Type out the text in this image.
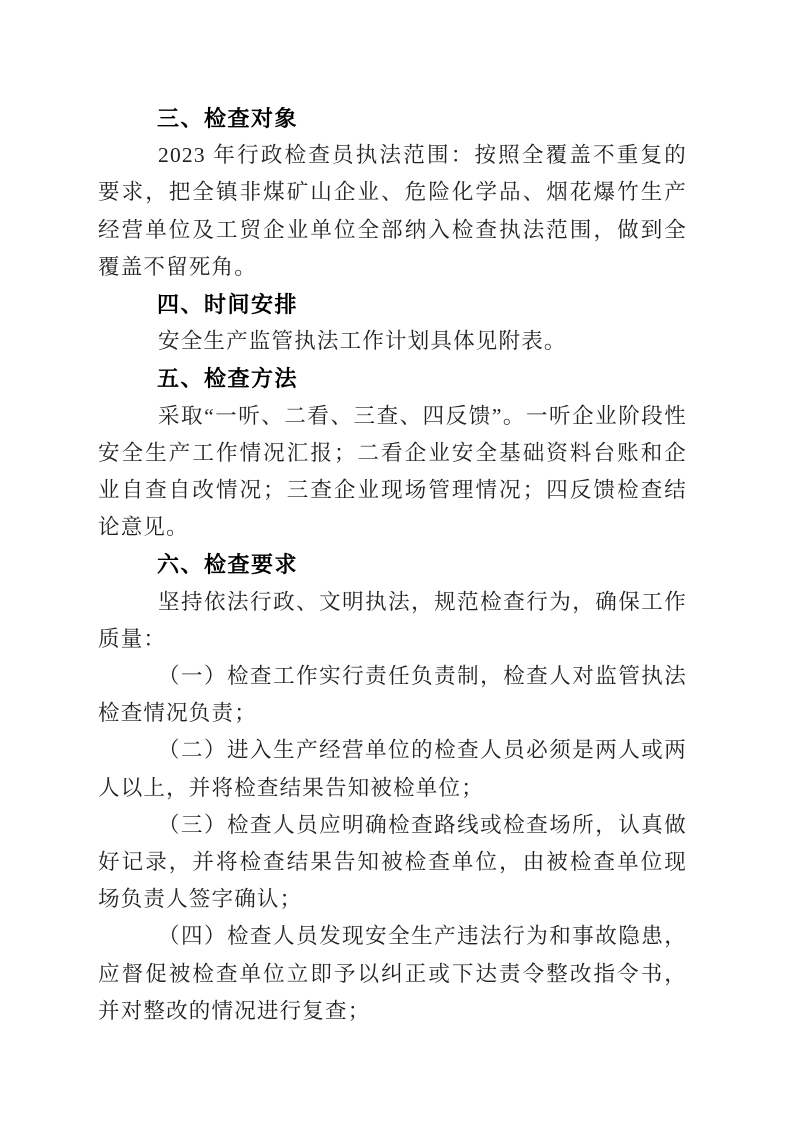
三、检查对象

2023 年行政检查员执法范围：按照全覆盖不重复的要求，把全镇非煤矿山企业、危险化学品、烟花爆竹生产经营单位及工贸企业单位全部纳入检查执法范围，做到全覆盖不留死角。

四、时间安排

安全生产监管执法工作计划具体见附表。

五、检查方法

采取“一听、二看、三查、四反馈”。一听企业阶段性安全生产工作情况汇报；二看企业安全基础资料台账和企业自查自改情况；三查企业现场管理情况；四反馈检查结论意见。

六、检查要求

坚持依法行政、文明执法，规范检查行为，确保工作质量：

（一）检查工作实行责任负责制，检查人对监管执法检查情况负责；

（二）进入生产经营单位的检查人员必须是两人或两人以上，并将检查结果告知被检单位；

（三）检查人员应明确检查路线或检查场所，认真做好记录，并将检查结果告知被检查单位，由被检查单位现场负责人签字确认；

（四）检查人员发现安全生产违法行为和事故隐患，应督促被检查单位立即予以纠正或下达责令整改指令书，并对整改的情况进行复查；
